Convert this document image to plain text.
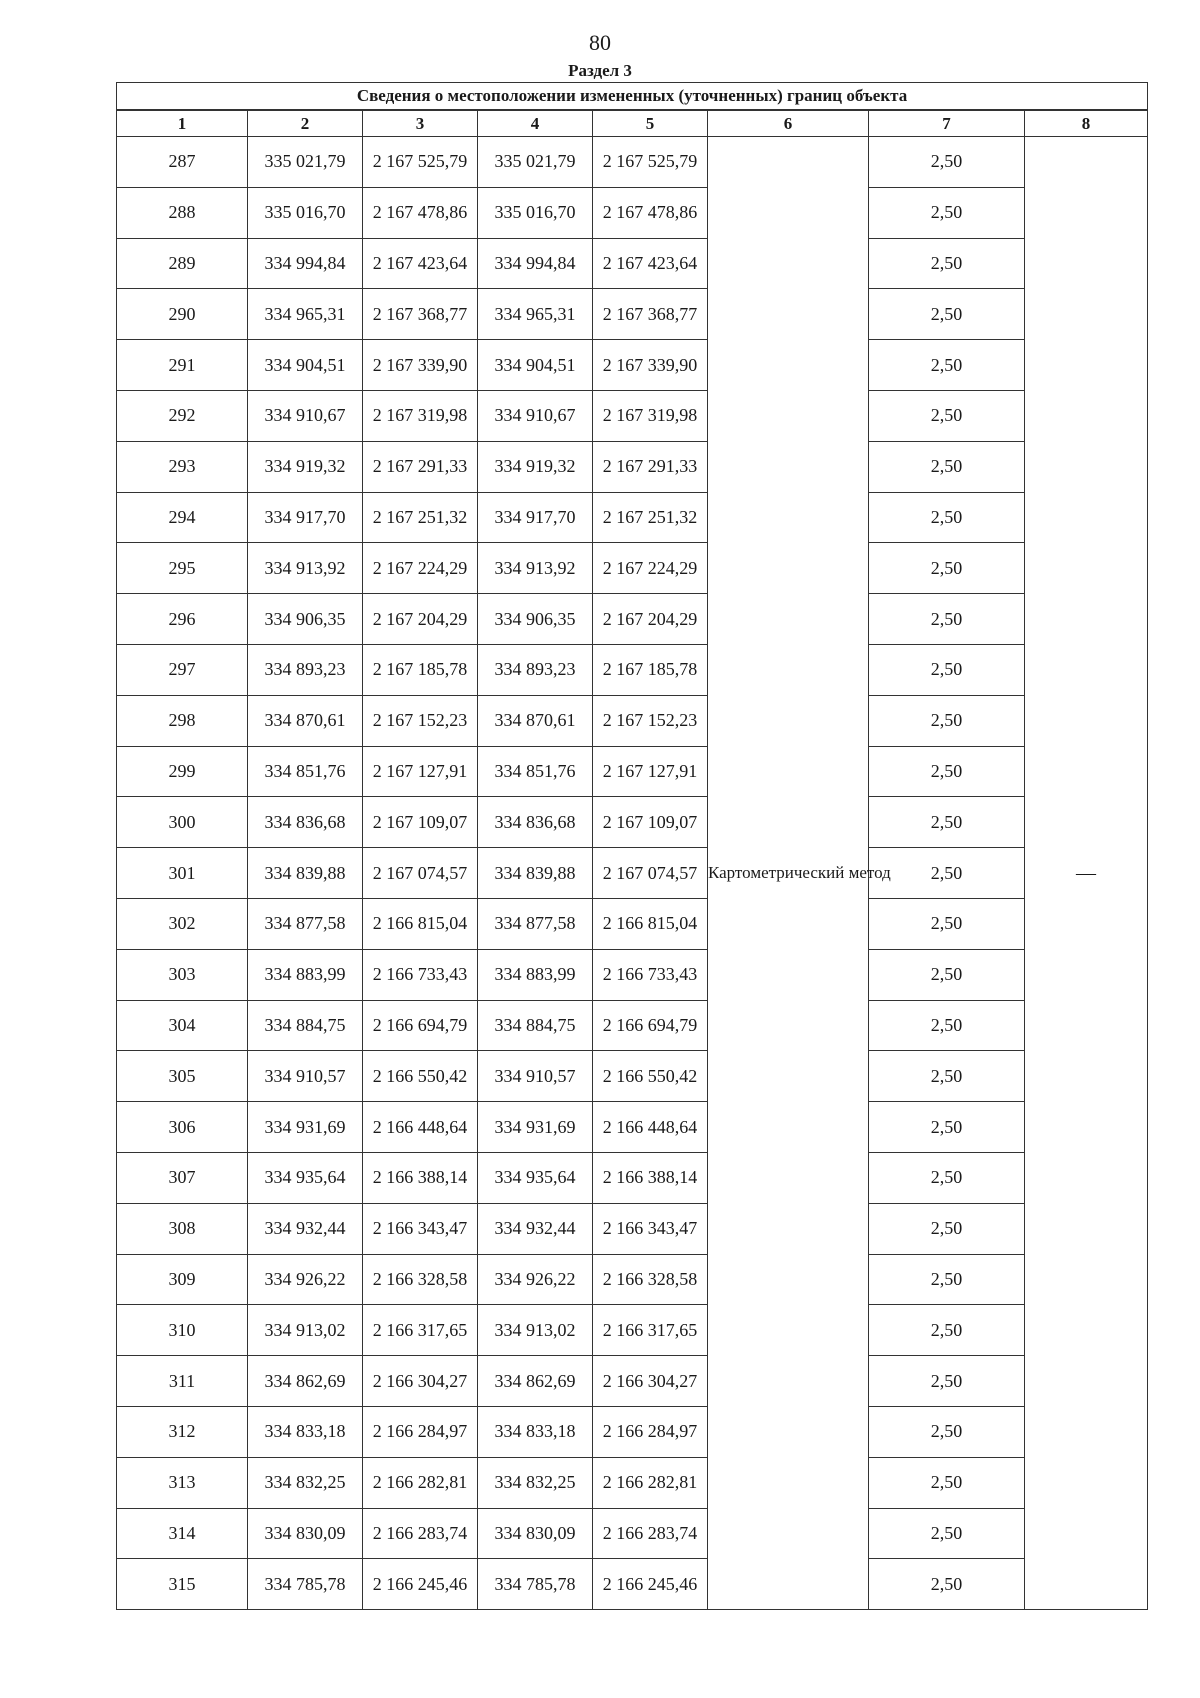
80
Раздел 3
Сведения о местоположении измененных (уточненных) границ объекта							
1	2	3	4	5	6	7	8
287	335 021,79	2 167 525,79	335 021,79	2 167 525,79	Картометрический метод	2,50	—
288	335 016,70	2 167 478,86	335 016,70	2 167 478,86		2,50	
289	334 994,84	2 167 423,64	334 994,84	2 167 423,64		2,50	
290	334 965,31	2 167 368,77	334 965,31	2 167 368,77		2,50	
291	334 904,51	2 167 339,90	334 904,51	2 167 339,90		2,50	
292	334 910,67	2 167 319,98	334 910,67	2 167 319,98		2,50	
293	334 919,32	2 167 291,33	334 919,32	2 167 291,33		2,50	
294	334 917,70	2 167 251,32	334 917,70	2 167 251,32		2,50	
295	334 913,92	2 167 224,29	334 913,92	2 167 224,29		2,50	
296	334 906,35	2 167 204,29	334 906,35	2 167 204,29		2,50	
297	334 893,23	2 167 185,78	334 893,23	2 167 185,78		2,50	
298	334 870,61	2 167 152,23	334 870,61	2 167 152,23		2,50	
299	334 851,76	2 167 127,91	334 851,76	2 167 127,91		2,50	
300	334 836,68	2 167 109,07	334 836,68	2 167 109,07		2,50	
301	334 839,88	2 167 074,57	334 839,88	2 167 074,57		2,50	
302	334 877,58	2 166 815,04	334 877,58	2 166 815,04		2,50	
303	334 883,99	2 166 733,43	334 883,99	2 166 733,43		2,50	
304	334 884,75	2 166 694,79	334 884,75	2 166 694,79		2,50	
305	334 910,57	2 166 550,42	334 910,57	2 166 550,42		2,50	
306	334 931,69	2 166 448,64	334 931,69	2 166 448,64		2,50	
307	334 935,64	2 166 388,14	334 935,64	2 166 388,14		2,50	
308	334 932,44	2 166 343,47	334 932,44	2 166 343,47		2,50	
309	334 926,22	2 166 328,58	334 926,22	2 166 328,58		2,50	
310	334 913,02	2 166 317,65	334 913,02	2 166 317,65		2,50	
311	334 862,69	2 166 304,27	334 862,69	2 166 304,27		2,50	
312	334 833,18	2 166 284,97	334 833,18	2 166 284,97		2,50	
313	334 832,25	2 166 282,81	334 832,25	2 166 282,81		2,50	
314	334 830,09	2 166 283,74	334 830,09	2 166 283,74		2,50	
315	334 785,78	2 166 245,46	334 785,78	2 166 245,46		2,50	
